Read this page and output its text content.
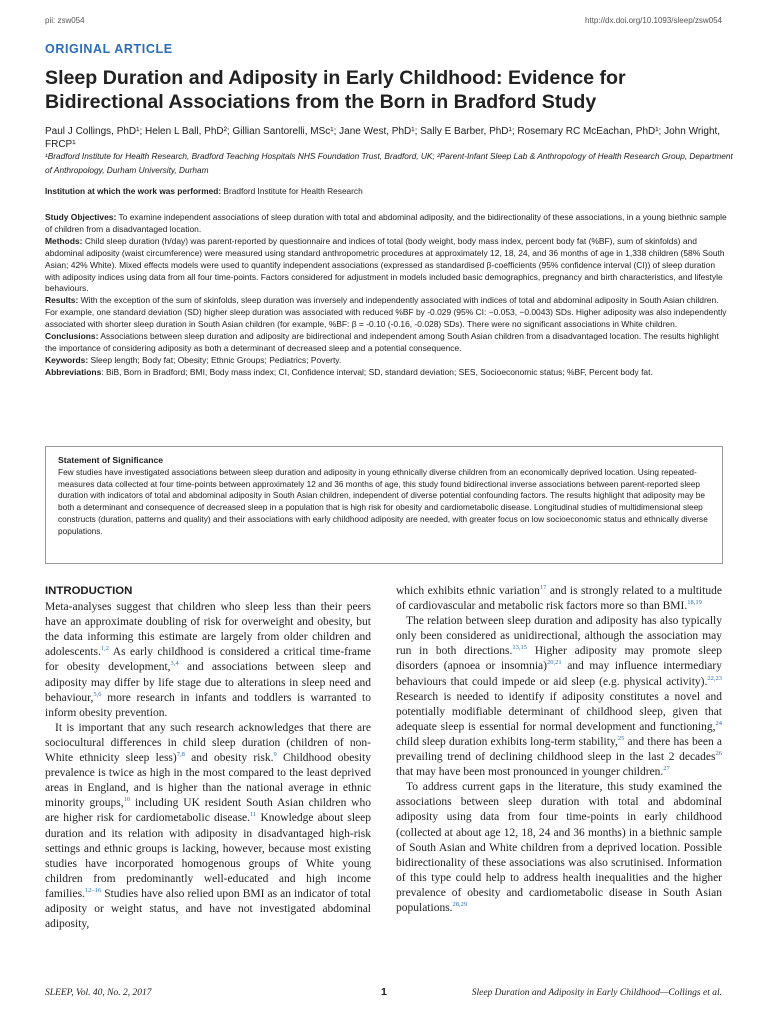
pii: zsw054	http://dx.doi.org/10.1093/sleep/zsw054
ORIGINAL ARTICLE
Sleep Duration and Adiposity in Early Childhood: Evidence for Bidirectional Associations from the Born in Bradford Study
Paul J Collings, PhD¹; Helen L Ball, PhD²; Gillian Santorelli, MSc¹; Jane West, PhD¹; Sally E Barber, PhD¹; Rosemary RC McEachan, PhD¹; John Wright, FRCP¹
¹Bradford Institute for Health Research, Bradford Teaching Hospitals NHS Foundation Trust, Bradford, UK; ²Parent-Infant Sleep Lab & Anthropology of Health Research Group, Department of Anthropology, Durham University, Durham
Institution at which the work was performed: Bradford Institute for Health Research

Study Objectives: To examine independent associations of sleep duration with total and abdominal adiposity, and the bidirectionality of these associations, in a young biethnic sample of children from a disadvantaged location.

Methods: Child sleep duration (h/day) was parent-reported by questionnaire and indices of total (body weight, body mass index, percent body fat (%BF), sum of skinfolds) and abdominal adiposity (waist circumference) were measured using standard anthropometric procedures at approximately 12, 18, 24, and 36 months of age in 1,338 children (58% South Asian; 42% White). Mixed effects models were used to quantify independent associations (expressed as standardised β-coefficients (95% confidence interval (CI)) of sleep duration with adiposity indices using data from all four time-points. Factors considered for adjustment in models included basic demographics, pregnancy and birth characteristics, and lifestyle behaviours.

Results: With the exception of the sum of skinfolds, sleep duration was inversely and independently associated with indices of total and abdominal adiposity in South Asian children. For example, one standard deviation (SD) higher sleep duration was associated with reduced %BF by -0.029 (95% CI: −0.053, −0.0043) SDs. Higher adiposity was also independently associated with shorter sleep duration in South Asian children (for example, %BF: β = -0.10 (-0.16, -0.028) SDs). There were no significant associations in White children.

Conclusions: Associations between sleep duration and adiposity are bidirectional and independent among South Asian children from a disadvantaged location. The results highlight the importance of considering adiposity as both a determinant of decreased sleep and a potential consequence.

Keywords: Sleep length; Body fat; Obesity; Ethnic Groups; Pediatrics; Poverty.

Abbreviations: BiB, Born in Bradford; BMI, Body mass index; CI, Confidence interval; SD, standard deviation; SES, Socioeconomic status; %BF, Percent body fat.

Statement of Significance
Few studies have investigated associations between sleep duration and adiposity in young ethnically diverse children from an economically deprived location. Using repeated-measures data collected at four time-points between approximately 12 and 36 months of age, this study found bidirectional inverse associations between parent-reported sleep duration with indicators of total and abdominal adiposity in South Asian children, independent of diverse potential confounding factors. The results highlight that adiposity may be both a determinant and consequence of decreased sleep in a population that is high risk for obesity and cardiometabolic disease. Longitudinal studies of multidimensional sleep constructs (duration, patterns and quality) and their associations with early childhood adiposity are needed, with greater focus on low socioeconomic status and ethnically diverse populations.
INTRODUCTION

Meta-analyses suggest that children who sleep less than their peers have an approximate doubling of risk for overweight and obesity, but the data informing this estimate are largely from older children and adolescents.$^{1,2}$ As early childhood is considered a critical time-frame for obesity development,$^{3,4}$ and associations between sleep and adiposity may differ by life stage due to alterations in sleep need and behaviour,$^{5,6}$ more research in infants and toddlers is warranted to inform obesity prevention.

It is important that any such research acknowledges that there are sociocultural differences in child sleep duration (children of non-White ethnicity sleep less)$^{7,8}$ and obesity risk.$^9$ Childhood obesity prevalence is twice as high in the most compared to the least deprived areas in England, and is higher than the national average in ethnic minority groups,$^{10}$ including UK resident South Asian children who are higher risk for cardiometabolic disease.$^{11}$ Knowledge about sleep duration and its relation with adiposity in disadvantaged high-risk settings and ethnic groups is lacking, however, because most existing studies have incorporated homogenous groups of White young children from predominantly well-educated and high income families.$^{12-16}$ Studies have also relied upon BMI as an indicator of total adiposity or weight status, and have not investigated abdominal adiposity,

which exhibits ethnic variation$^{17}$ and is strongly related to a multitude of cardiovascular and metabolic risk factors more so than BMI.$^{18,19}$

The relation between sleep duration and adiposity has also typically only been considered as unidirectional, although the association may run in both directions.$^{13,15}$ Higher adiposity may promote sleep disorders (apnoea or insomnia)$^{20,21}$ and may influence intermediary behaviours that could impede or aid sleep (e.g. physical activity).$^{22,23}$ Research is needed to identify if adiposity constitutes a novel and potentially modifiable determinant of childhood sleep, given that adequate sleep is essential for normal development and functioning,$^{24}$ child sleep duration exhibits long-term stability,$^{25}$ and there has been a prevailing trend of declining childhood sleep in the last 2 decades$^{26}$ that may have been most pronounced in younger children.$^{27}$

To address current gaps in the literature, this study examined the associations between sleep duration with total and abdominal adiposity using data from four time-points in early childhood (collected at about age 12, 18, 24 and 36 months) in a biethnic sample of South Asian and White children from a deprived location. Possible bidirectionality of these associations was also scrutinised. Information of this type could help to address health inequalities and the higher prevalence of obesity and cardiometabolic disease in South Asian populations.$^{28,29}$

SLEEP, Vol. 40, No. 2, 2017	1	Sleep Duration and Adiposity in Early Childhood—Collings et al.
